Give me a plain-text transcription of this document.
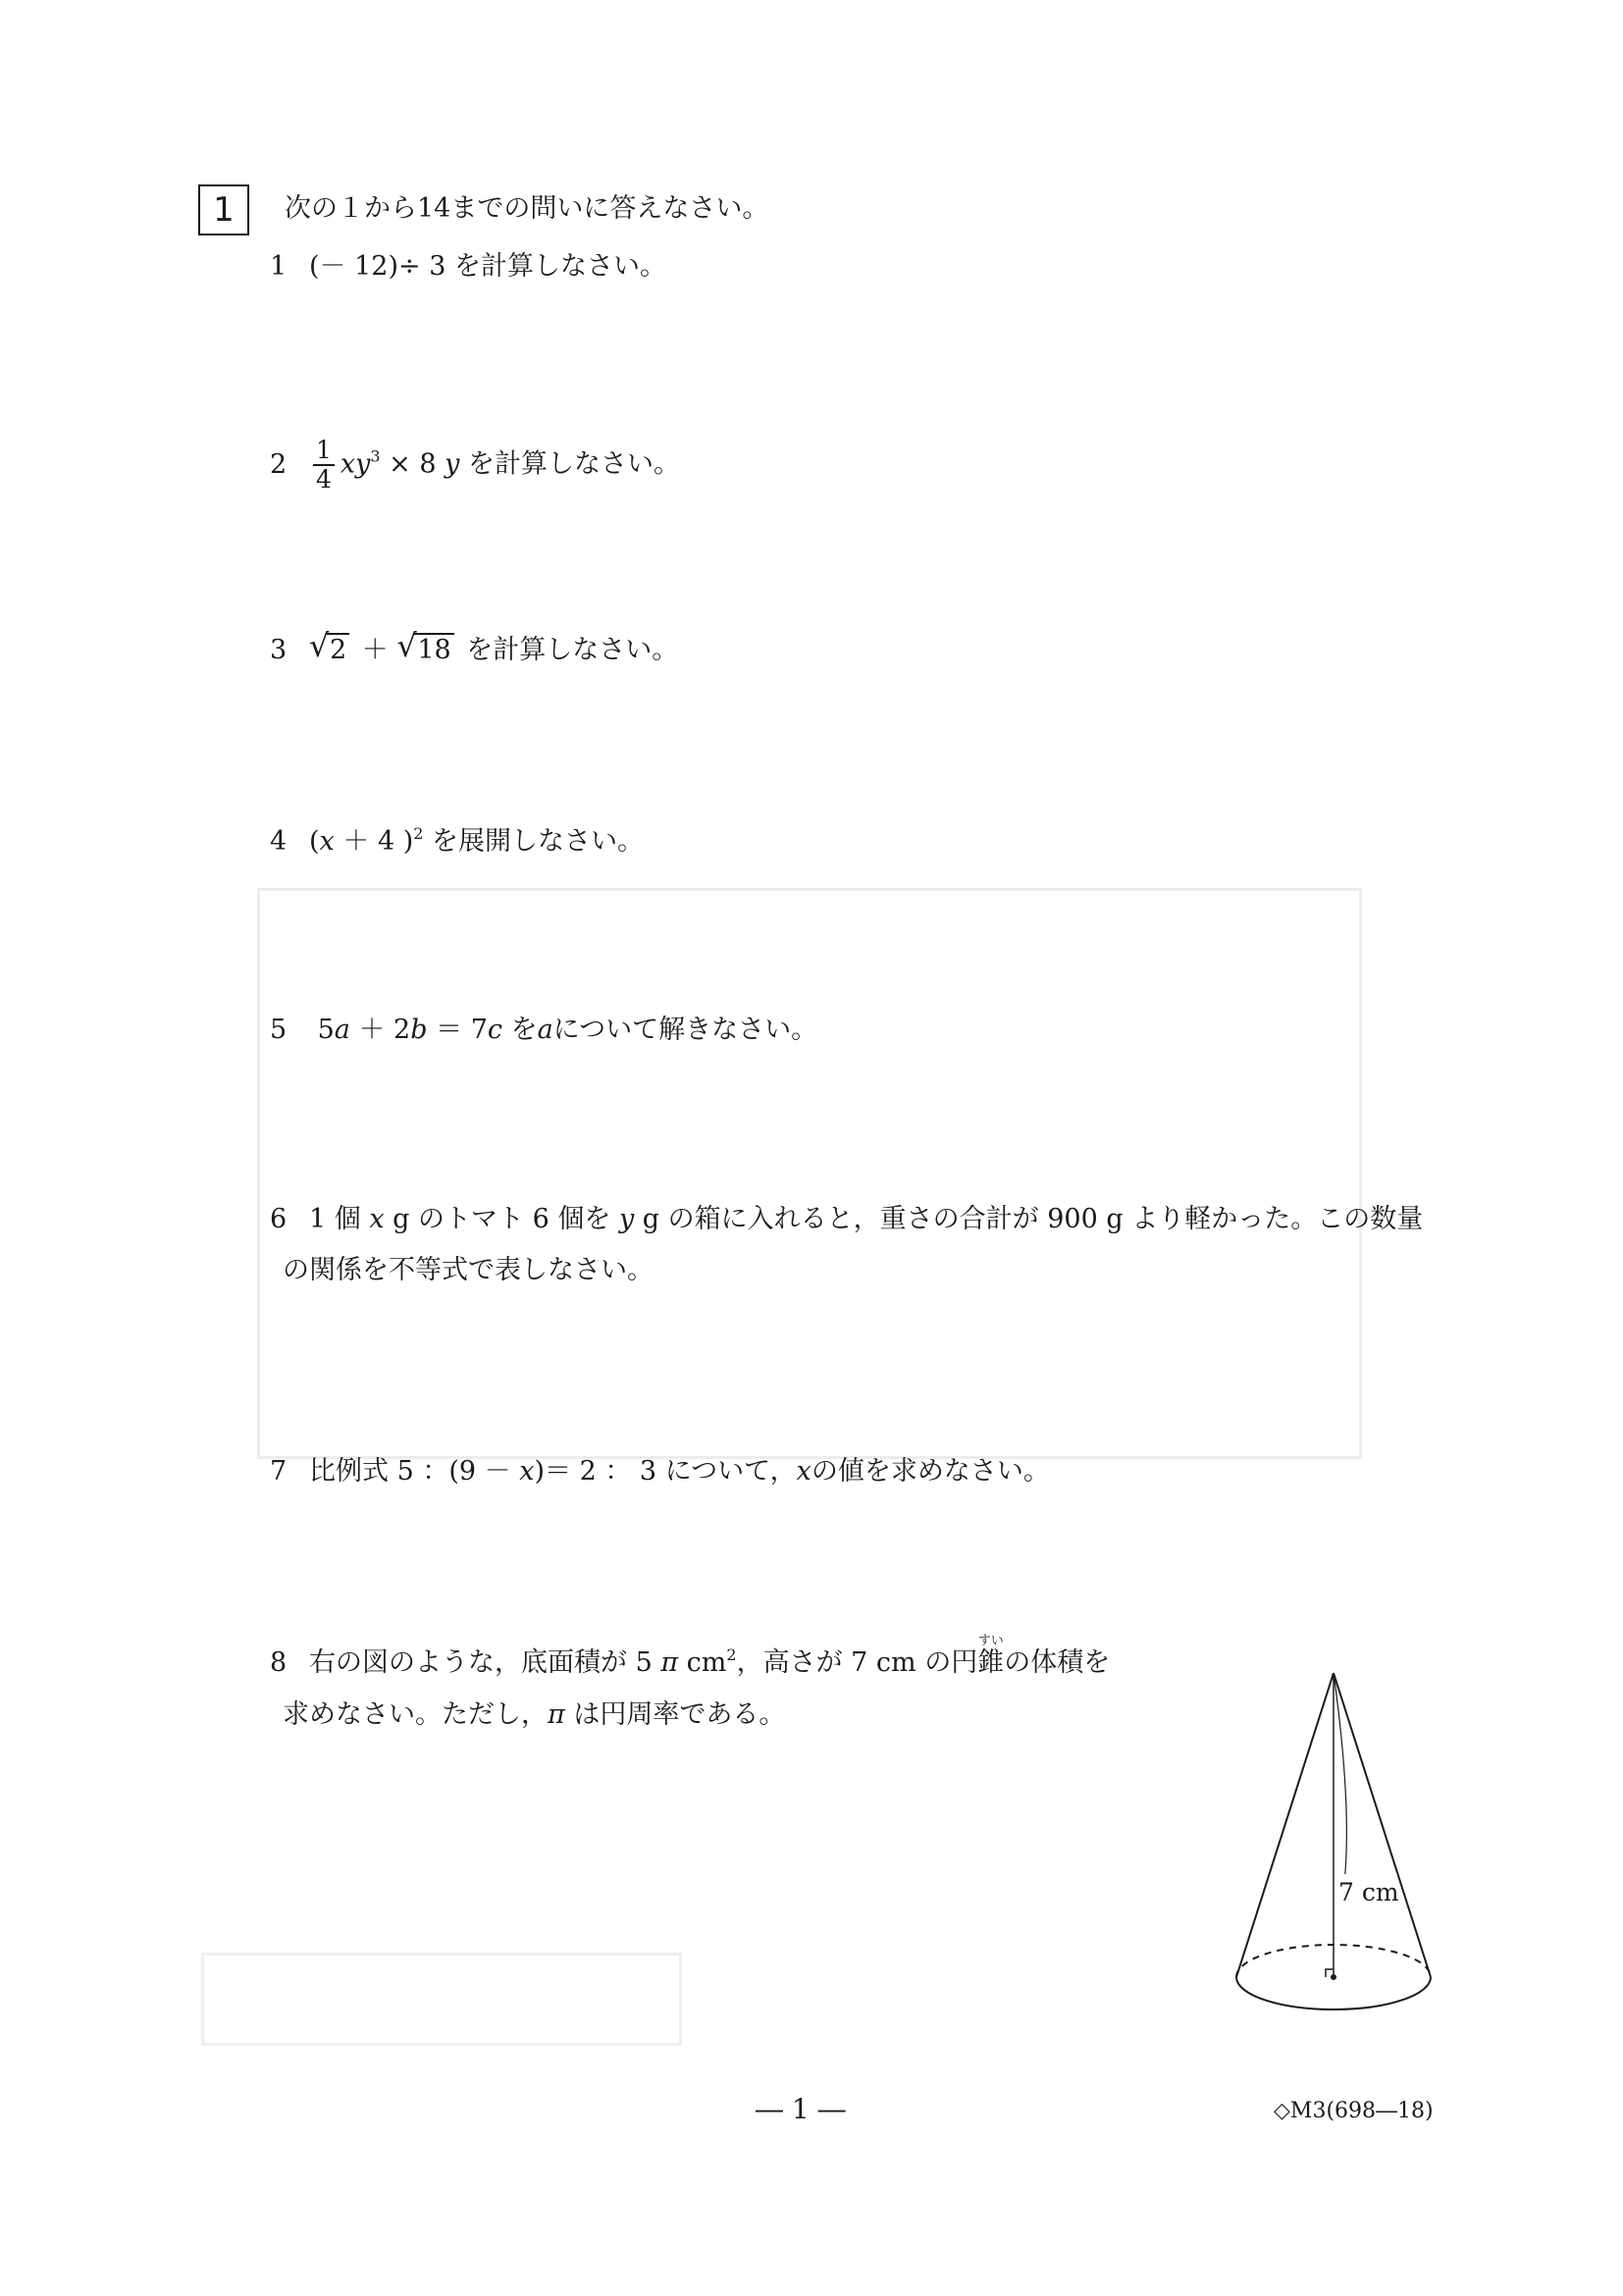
1	次の１から14までの問いに答えなさい。
1 (－ 12)÷ 3 を計算しなさい。
$2 \frac{1}{4} xy^3 \times 8$ y を計算しなさい。
3 √ 2 ＋ √ 18 を計算しなさい。
4 (x ＋ 4 )$^2$ を展開しなさい。
5 5a ＋ 2b ＝ 7c をaについて解きなさい。
6 1 個 x g のトマト 6 個を y g の箱に入れると，重さの合計が 900 g より軽かった。この数量
の関係を不等式で表しなさい。
7 比例式 5 ：(9 － x)＝ 2 ： 3 について，xの値を求めなさい。
8 右の図のような，底面積が 5 π $cm^2$，高さが 7 cm の円
すい
錐の体積を
求めなさい。ただし，π は円周率である。
7 cm
― 1 ―	◇M3(698―18)
